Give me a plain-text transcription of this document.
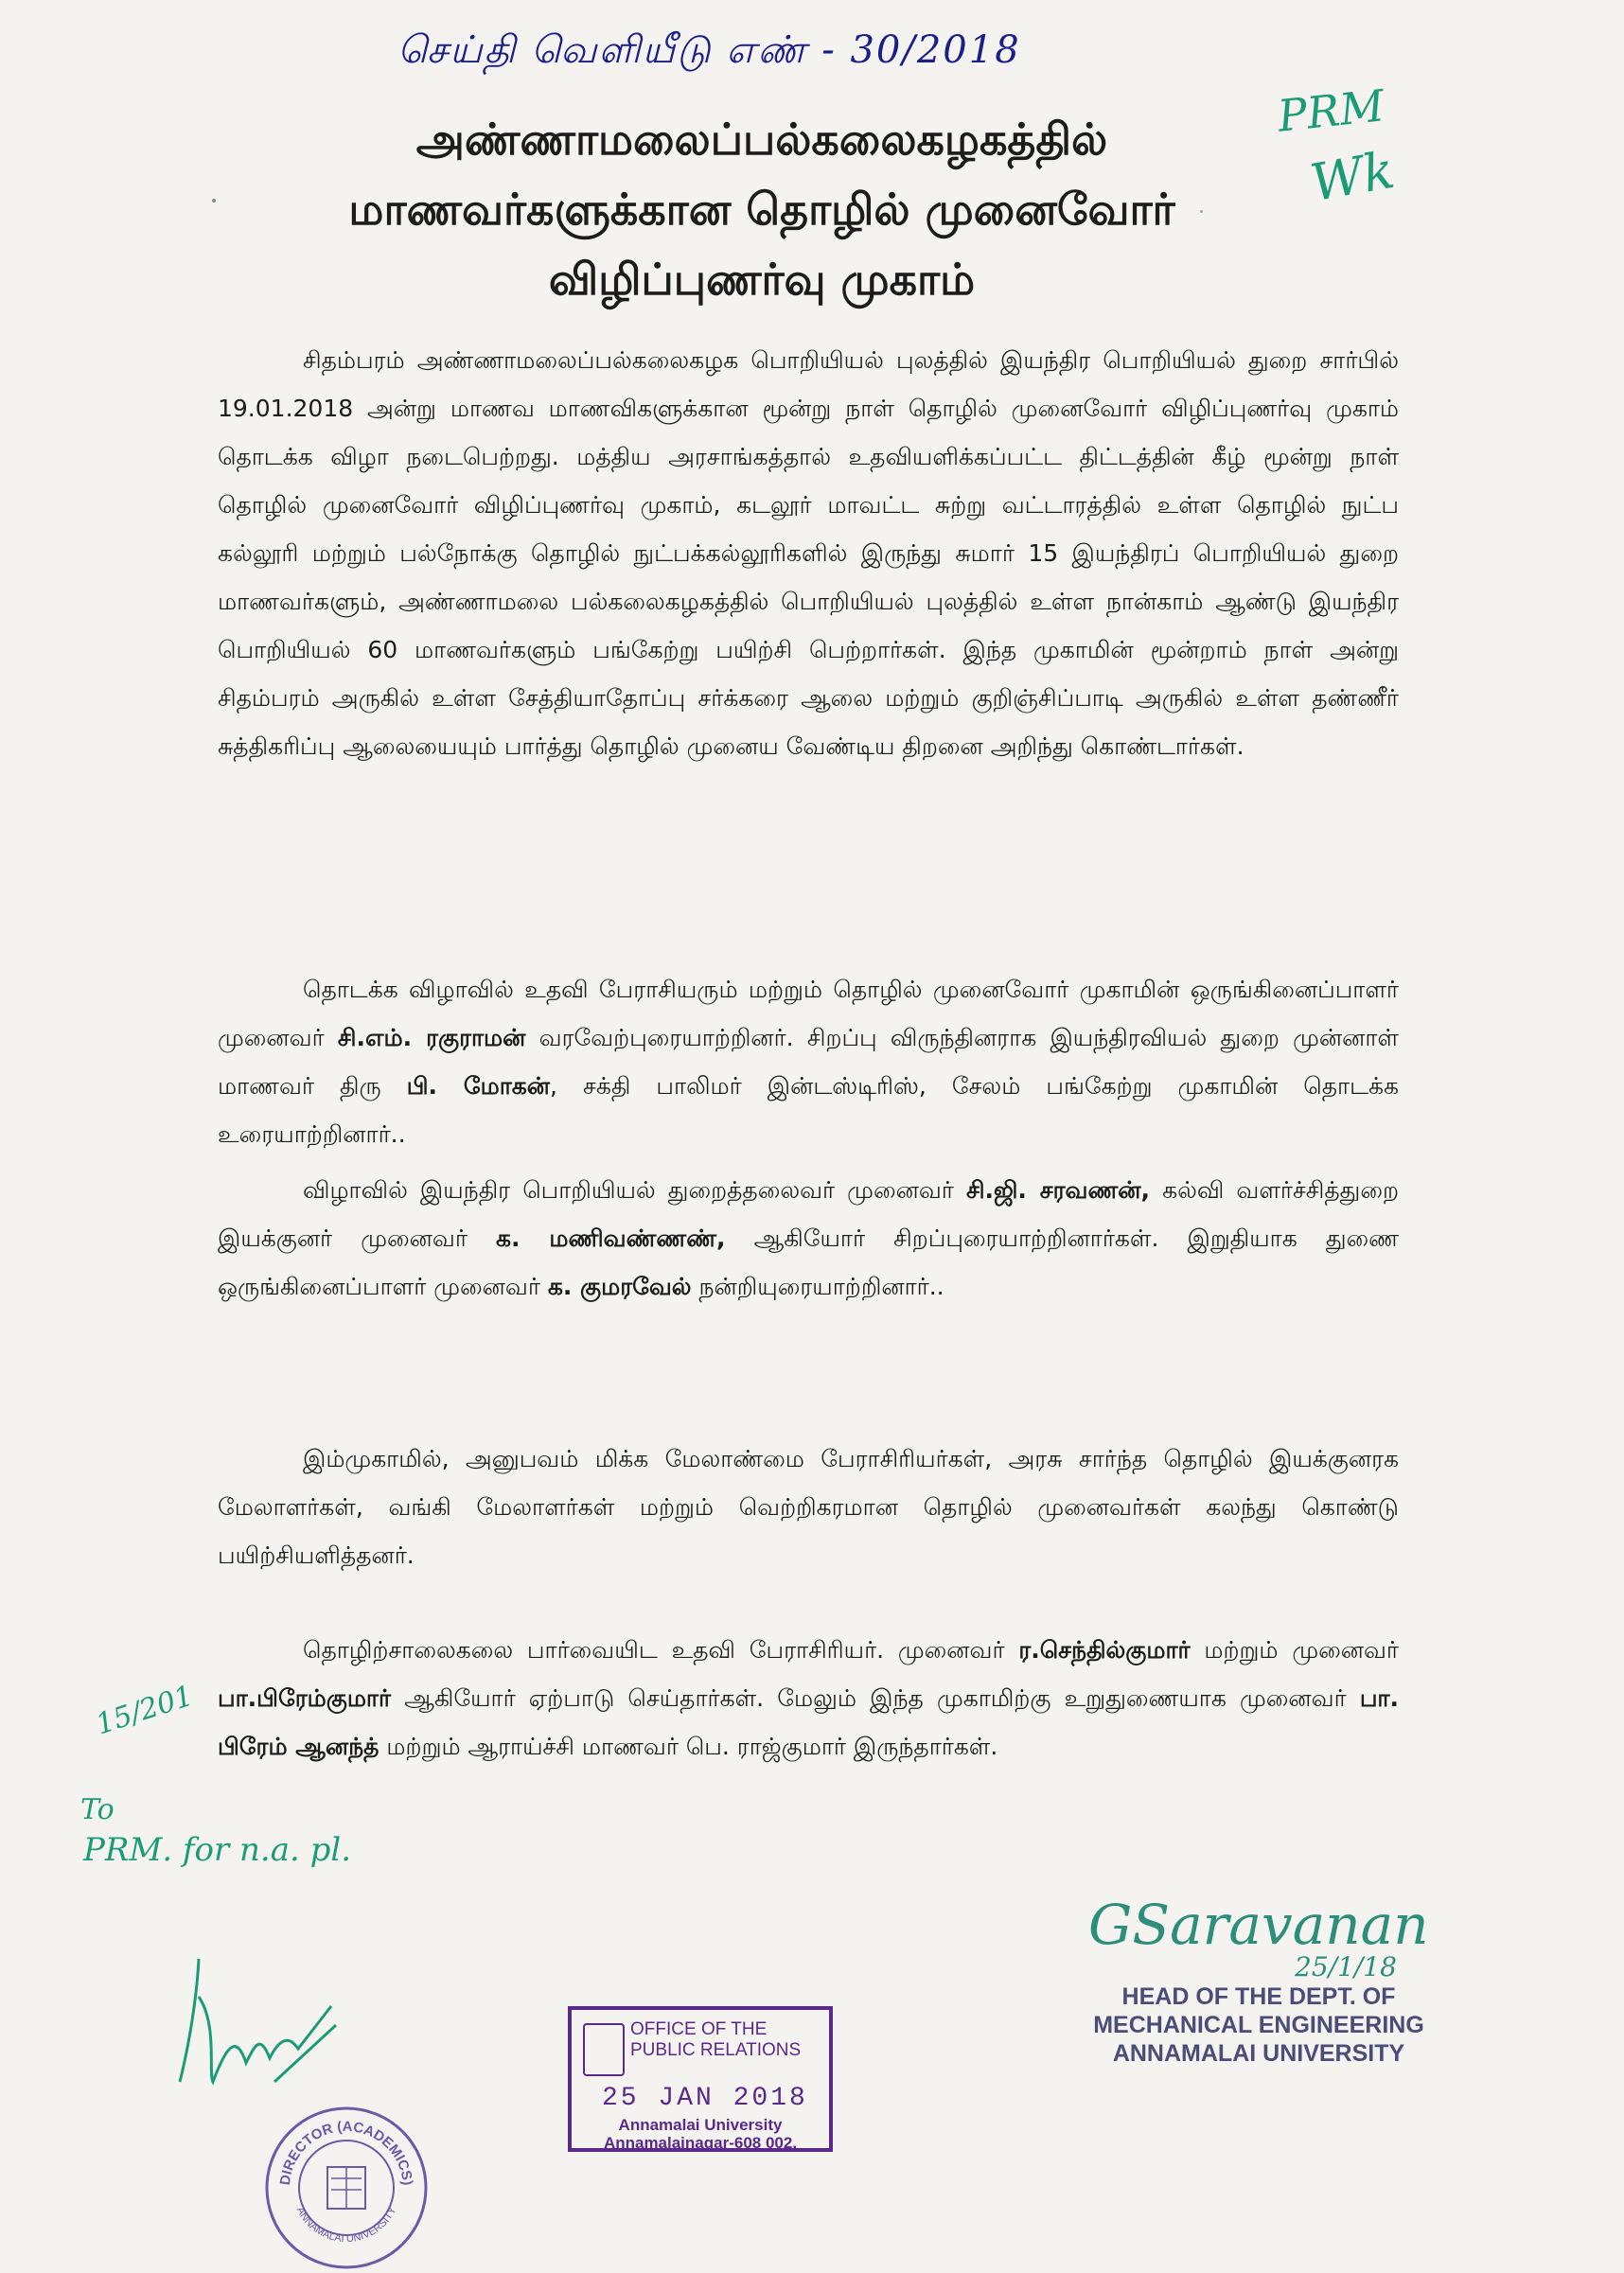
செய்தி வெளியீடு எண் - 30/2018
PRM
Wk
அண்ணாமலைப்பல்கலைகழகத்தில்
மாணவர்களுக்கான தொழில் முனைவோர்
விழிப்புணர்வு முகாம்
சிதம்பரம் அண்ணாமலைப்பல்கலைகழக பொறியியல் புலத்தில் இயந்திர பொறியியல் துறை சார்பில் 19.01.2018 அன்று மாணவ மாணவிகளுக்கான மூன்று நாள் தொழில் முனைவோர் விழிப்புணர்வு முகாம் தொடக்க விழா நடைபெற்றது. மத்திய அரசாங்கத்தால் உதவியளிக்கப்பட்ட திட்டத்தின் கீழ் மூன்று நாள் தொழில் முனைவோர் விழிப்புணர்வு முகாம், கடலூர் மாவட்ட சுற்று வட்டாரத்தில் உள்ள தொழில் நுட்ப கல்லூரி மற்றும் பல்நோக்கு தொழில் நுட்பக்கல்லூரிகளில் இருந்து சுமார் 15 இயந்திரப் பொறியியல் துறை மாணவர்களும், அண்ணாமலை பல்கலைகழகத்தில் பொறியியல் புலத்தில் உள்ள நான்காம் ஆண்டு இயந்திர பொறியியல் 60 மாணவர்களும் பங்கேற்று பயிற்சி பெற்றார்கள். இந்த முகாமின் மூன்றாம் நாள் அன்று சிதம்பரம் அருகில் உள்ள சேத்தியாதோப்பு சர்க்கரை ஆலை மற்றும் குறிஞ்சிப்பாடி அருகில் உள்ள தண்ணீர் சுத்திகரிப்பு ஆலையையும் பார்த்து தொழில் முனைய வேண்டிய திறனை அறிந்து கொண்டார்கள்.
தொடக்க விழாவில் உதவி பேராசியரும் மற்றும் தொழில் முனைவோர் முகாமின் ஒருங்கினைப்பாளர் முனைவர் சி.எம். ரகுராமன் வரவேற்புரையாற்றினர். சிறப்பு விருந்தினராக இயந்திரவியல் துறை முன்னாள் மாணவர் திரு பி. மோகன், சக்தி பாலிமர் இன்டஸ்டிரிஸ், சேலம் பங்கேற்று முகாமின் தொடக்க உரையாற்றினார்..
விழாவில் இயந்திர பொறியியல் துறைத்தலைவர் முனைவர் சி.ஜி. சரவணன், கல்வி வளர்ச்சித்துறை இயக்குனர் முனைவர் க. மணிவண்ணண், ஆகியோர் சிறப்புரையாற்றினார்கள். இறுதியாக துணை ஒருங்கினைப்பாளர் முனைவர் க. குமரவேல் நன்றியுரையாற்றினார்..
இம்முகாமில், அனுபவம் மிக்க மேலாண்மை பேராசிரியர்கள், அரசு சார்ந்த தொழில் இயக்குனரக மேலாளர்கள், வங்கி மேலாளர்கள் மற்றும் வெற்றிகரமான தொழில் முனைவர்கள் கலந்து கொண்டு பயிற்சியளித்தனர்.
தொழிற்சாலைகலை பார்வையிட உதவி பேராசிரியர். முனைவர் ர.செந்தில்குமார் மற்றும் முனைவர் பா.பிரேம்குமார் ஆகியோர் ஏற்பாடு செய்தார்கள். மேலும் இந்த முகாமிற்கு உறுதுணையாக முனைவர் பா. பிரேம் ஆனந்த் மற்றும் ஆராய்ச்சி மாணவர் பெ. ராஜ்குமார் இருந்தார்கள்.
15/201
To
PRM. for n.a. pl.
OFFICE OF THE
PUBLIC RELATIONS
25 JAN 2018
Annamalai University
Annamalainagar-608 002.
GSaravanan
25/1/18
HEAD OF THE DEPT. OF
MECHANICAL ENGINEERING
ANNAMALAI UNIVERSITY
DIRECTOR (ACADEMICS)
ANNAMALAI UNIVERSITY
